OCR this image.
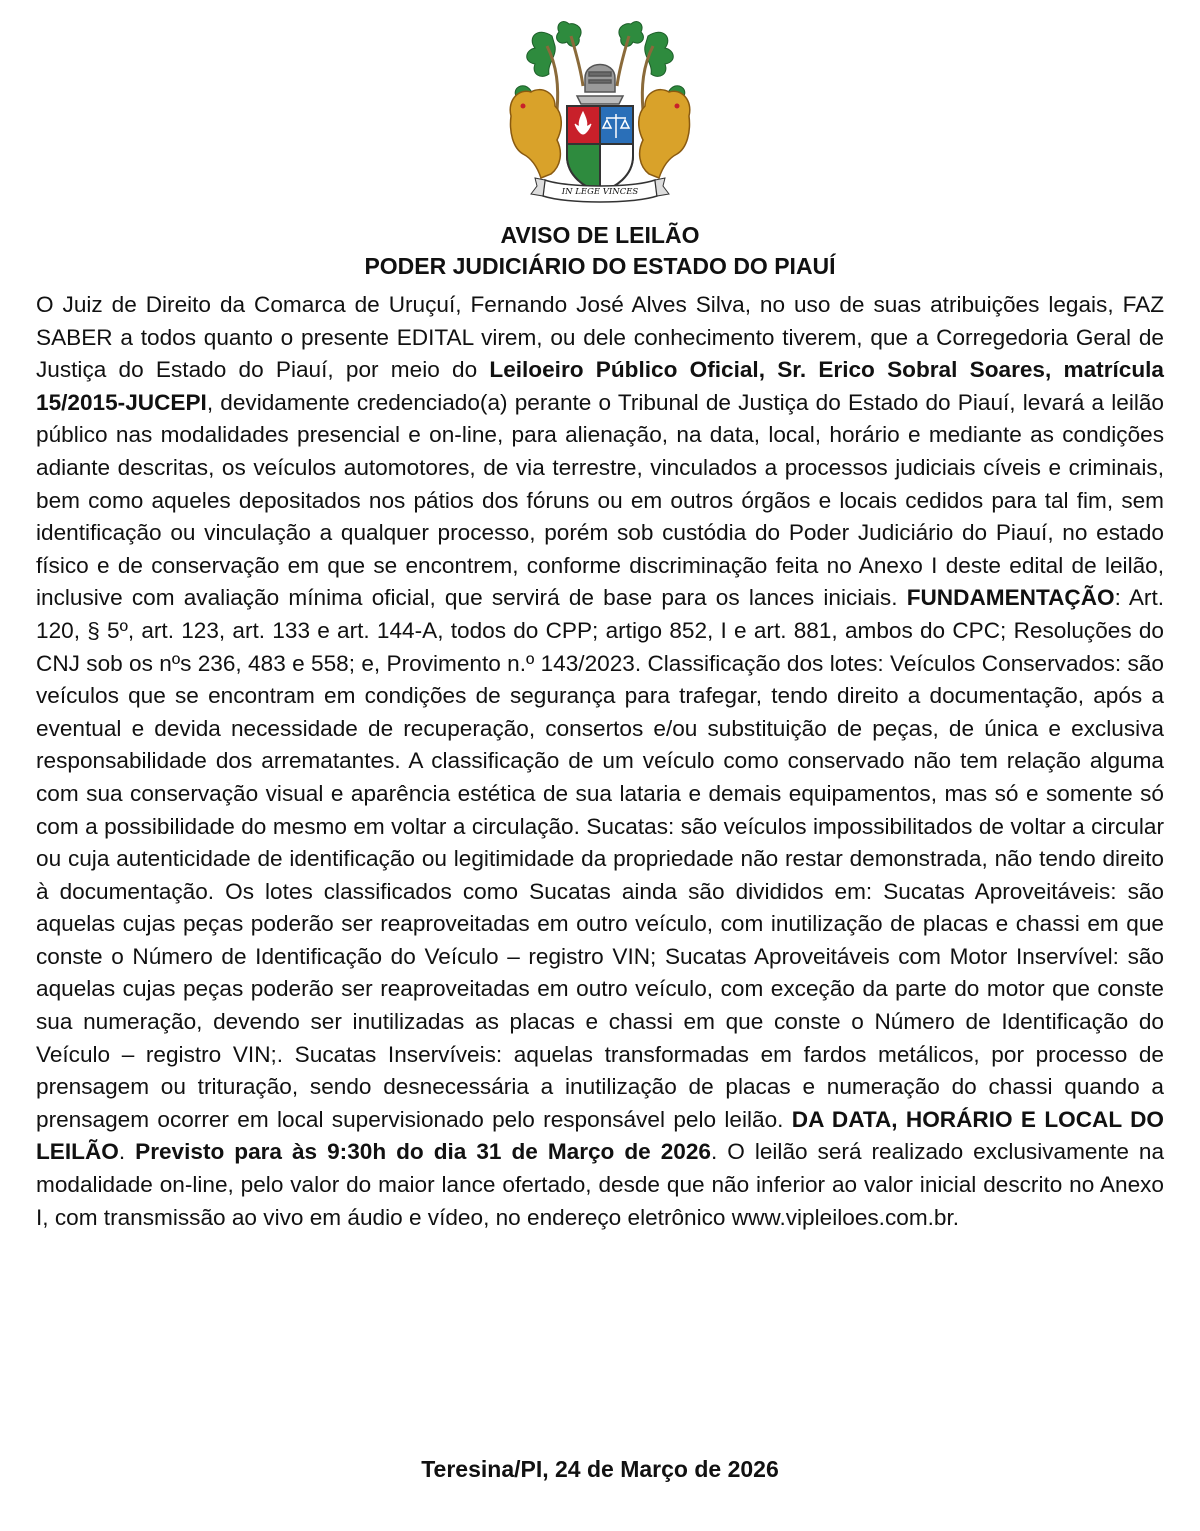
IN LEGE VINCES
AVISO DE LEILÃO
PODER JUDICIÁRIO DO ESTADO DO PIAUÍ
O Juiz de Direito da Comarca de Uruçuí, Fernando José Alves Silva, no uso de suas atribuições legais, FAZ SABER a todos quanto o presente EDITAL virem, ou dele conhecimento tiverem, que a Corregedoria Geral de Justiça do Estado do Piauí, por meio do Leiloeiro Público Oficial, Sr. Erico Sobral Soares, matrícula 15/2015-JUCEPI, devidamente credenciado(a) perante o Tribunal de Justiça do Estado do Piauí, levará a leilão público nas modalidades presencial e on-line, para alienação, na data, local, horário e mediante as condições adiante descritas, os veículos automotores, de via terrestre, vinculados a processos judiciais cíveis e criminais, bem como aqueles depositados nos pátios dos fóruns ou em outros órgãos e locais cedidos para tal fim, sem identificação ou vinculação a qualquer processo, porém sob custódia do Poder Judiciário do Piauí, no estado físico e de conservação em que se encontrem, conforme discriminação feita no Anexo I deste edital de leilão, inclusive com avaliação mínima oficial, que servirá de base para os lances iniciais. FUNDAMENTAÇÃO: Art. 120, § 5º, art. 123, art. 133 e art. 144-A, todos do CPP; artigo 852, I e art. 881, ambos do CPC; Resoluções do CNJ sob os nºs 236, 483 e 558; e, Provimento n.º 143/2023. Classificação dos lotes: Veículos Conservados: são veículos que se encontram em condições de segurança para trafegar, tendo direito a documentação, após a eventual e devida necessidade de recuperação, consertos e/ou substituição de peças, de única e exclusiva responsabilidade dos arrematantes. A classificação de um veículo como conservado não tem relação alguma com sua conservação visual e aparência estética de sua lataria e demais equipamentos, mas só e somente só com a possibilidade do mesmo em voltar a circulação. Sucatas: são veículos impossibilitados de voltar a circular ou cuja autenticidade de identificação ou legitimidade da propriedade não restar demonstrada, não tendo direito à documentação. Os lotes classificados como Sucatas ainda são divididos em: Sucatas Aproveitáveis: são aquelas cujas peças poderão ser reaproveitadas em outro veículo, com inutilização de placas e chassi em que conste o Número de Identificação do Veículo – registro VIN; Sucatas Aproveitáveis com Motor Inservível: são aquelas cujas peças poderão ser reaproveitadas em outro veículo, com exceção da parte do motor que conste sua numeração, devendo ser inutilizadas as placas e chassi em que conste o Número de Identificação do Veículo – registro VIN;. Sucatas Inservíveis: aquelas transformadas em fardos metálicos, por processo de prensagem ou trituração, sendo desnecessária a inutilização de placas e numeração do chassi quando a prensagem ocorrer em local supervisionado pelo responsável pelo leilão. DA DATA, HORÁRIO E LOCAL DO LEILÃO. Previsto para às 9:30h do dia 31 de Março de 2026. O leilão será realizado exclusivamente na modalidade on-line, pelo valor do maior lance ofertado, desde que não inferior ao valor inicial descrito no Anexo I, com transmissão ao vivo em áudio e vídeo, no endereço eletrônico www.vipleiloes.com.br.
Teresina/PI, 24 de Março de 2026
